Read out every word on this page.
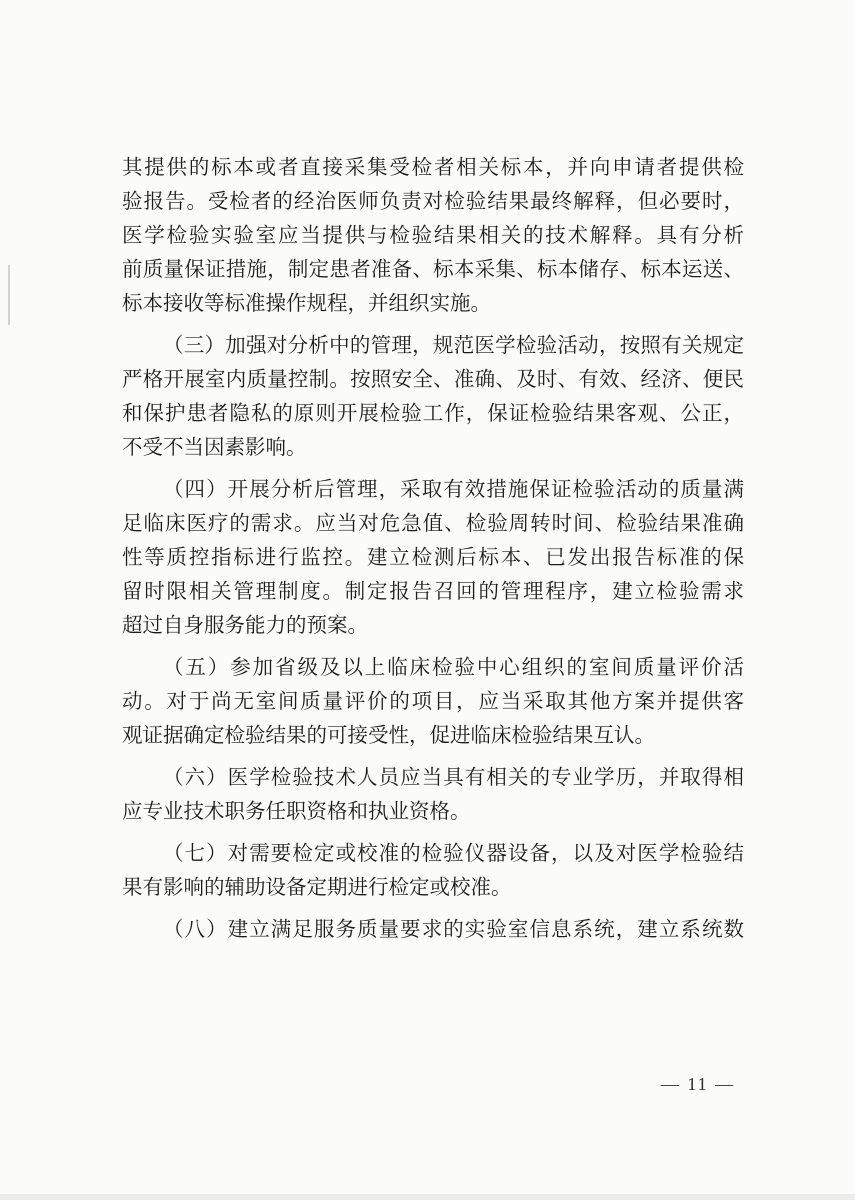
其提供的标本或者直接采集受检者相关标本，并向申请者提供检
验报告。受检者的经治医师负责对检验结果最终解释，但必要时，
医学检验实验室应当提供与检验结果相关的技术解释。具有分析
前质量保证措施，制定患者准备、标本采集、标本储存、标本运送、
标本接收等标准操作规程，并组织实施。
（三）加强对分析中的管理，规范医学检验活动，按照有关规定
严格开展室内质量控制。按照安全、准确、及时、有效、经济、便民
和保护患者隐私的原则开展检验工作，保证检验结果客观、公正，
不受不当因素影响。
（四）开展分析后管理，采取有效措施保证检验活动的质量满
足临床医疗的需求。应当对危急值、检验周转时间、检验结果准确
性等质控指标进行监控。建立检测后标本、已发出报告标准的保
留时限相关管理制度。制定报告召回的管理程序，建立检验需求
超过自身服务能力的预案。
（五）参加省级及以上临床检验中心组织的室间质量评价活
动。对于尚无室间质量评价的项目，应当采取其他方案并提供客
观证据确定检验结果的可接受性，促进临床检验结果互认。
（六）医学检验技术人员应当具有相关的专业学历，并取得相
应专业技术职务任职资格和执业资格。
（七）对需要检定或校准的检验仪器设备，以及对医学检验结
果有影响的辅助设备定期进行检定或校准。
（八）建立满足服务质量要求的实验室信息系统，建立系统数
— 11 —
